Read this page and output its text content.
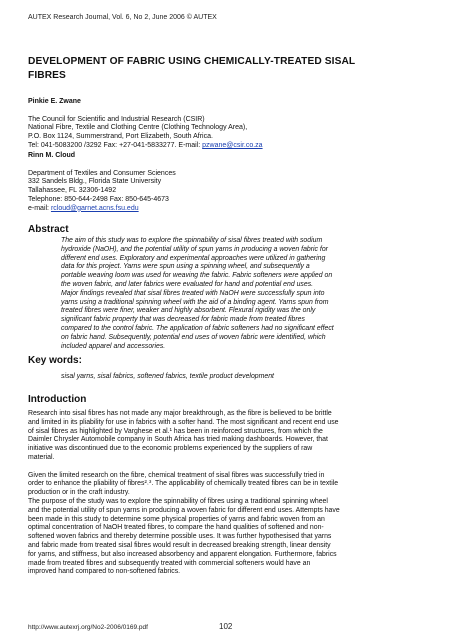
AUTEX Research Journal, Vol. 6, No 2, June 2006 © AUTEX
DEVELOPMENT OF FABRIC USING CHEMICALLY-TREATED SISAL
FIBRES
Pinkie E. Zwane
The Council for Scientific and Industrial Research (CSIR)
National Fibre, Textile and Clothing Centre (Clothing Technology Area),
P.O. Box 1124, Summerstrand, Port Elizabeth, South Africa.
Tel: 041-5083200 /3292 Fax: +27-041-5833277. E-mail: pzwane@csir.co.za
Rinn M. Cloud
Department of Textiles and Consumer Sciences
332 Sandels Bldg., Florida State University
Tallahassee, FL 32306-1492
Telephone: 850-644-2498 Fax: 850-645-4673
e-mail: rcloud@garnet.acns.fsu.edu
Abstract

The aim of this study was to explore the spinnability of sisal fibres treated with sodium
hydroxide (NaOH), and the potential utility of spun yarns in producing a woven fabric for
different end uses. Exploratory and experimental approaches were utilized in gathering
data for this project. Yarns were spun using a spinning wheel, and subsequently a
portable weaving loom was used for weaving the fabric. Fabric softeners were applied on
the woven fabric, and later fabrics were evaluated for hand and potential end uses.

Major findings revealed that sisal fibres treated with NaOH were successfully spun into
yarns using a traditional spinning wheel with the aid of a binding agent. Yarns spun from
treated fibres were finer, weaker and highly absorbent. Flexural rigidity was the only
significant fabric property that was decreased for fabric made from treated fibres
compared to the control fabric. The application of fabric softeners had no significant effect
on fabric hand. Subsequently, potential end uses of woven fabric were identified, which
included apparel and accessories.

Key words:
sisal yarns, sisal fabrics, softened fabrics, textile product development
Introduction

Research into sisal fibres has not made any major breakthrough, as the fibre is believed to be brittle
and limited in its pliability for use in fabrics with a softer hand. The most significant and recent end use
of sisal fibres as highlighted by Varghese et al.¹ has been in reinforced structures, from which the
Daimler Chrysler Automobile company in South Africa has tried making dashboards. However, that
initiative was discontinued due to the economic problems experienced by the suppliers of raw
material.

Given the limited research on the fibre, chemical treatment of sisal fibres was successfully tried in
order to enhance the pliability of fibres²˒³. The applicability of chemically treated fibres can be in textile
production or in the craft industry.

The purpose of the study was to explore the spinnability of fibres using a traditional spinning wheel
and the potential utility of spun yarns in producing a woven fabric for different end uses. Attempts have
been made in this study to determine some physical properties of yarns and fabric woven from an
optimal concentration of NaOH treated fibres, to compare the hand qualities of softened and non-
softened woven fabrics and thereby determine possible uses. It was further hypothesised that yarns
and fabric made from treated sisal fibres would result in decreased breaking strength, linear density
for yarns, and stiffness, but also increased absorbency and apparent elongation. Furthermore, fabrics
made from treated fibres and subsequently treated with commercial softeners would have an
improved hand compared to non-softened fabrics.

http://www.autexrj.org/No2-2006/0169.pdf	102
